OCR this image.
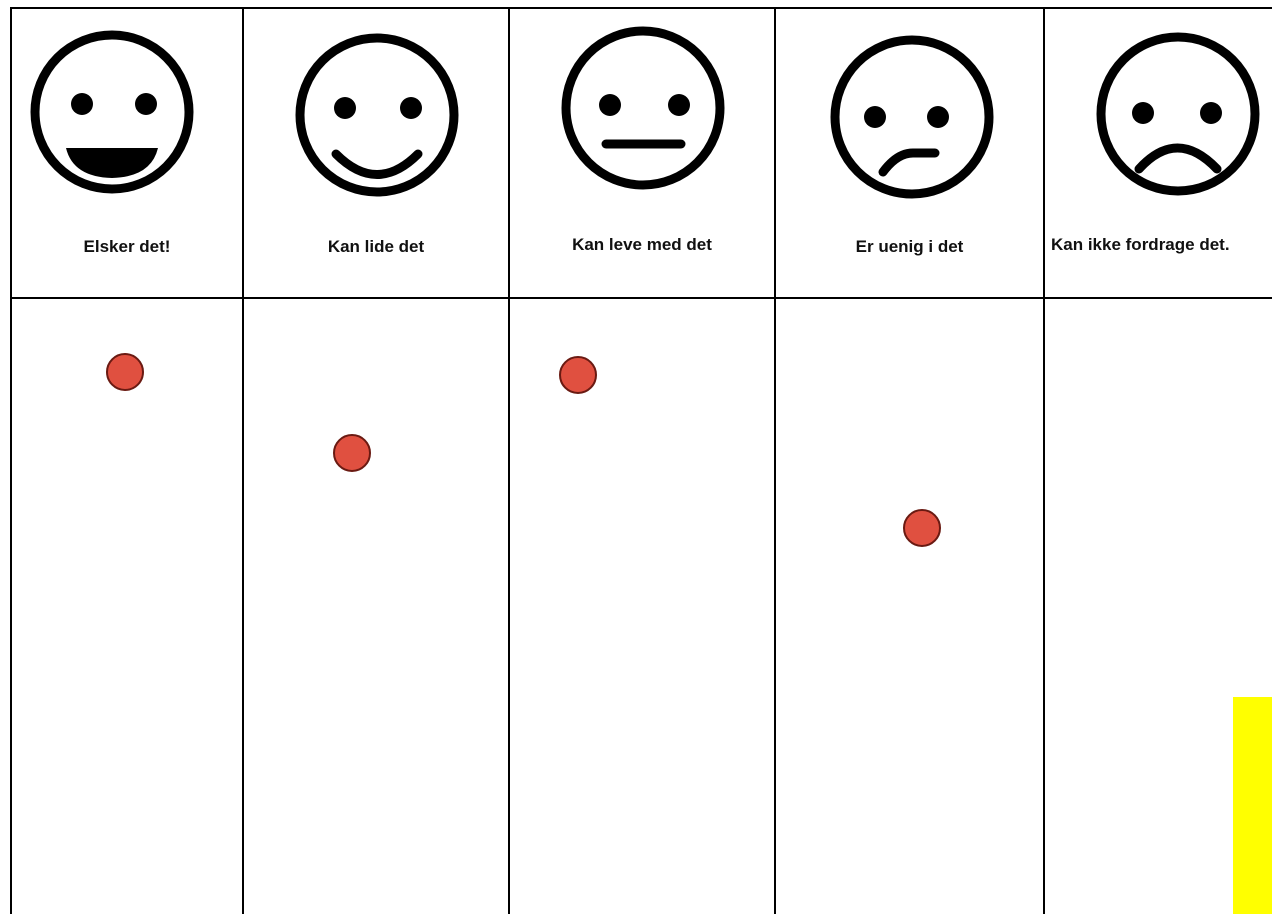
Elsker det!	Kan lide det	Kan leve med det	Er uenig i det	Kan ikke fordrage det.
